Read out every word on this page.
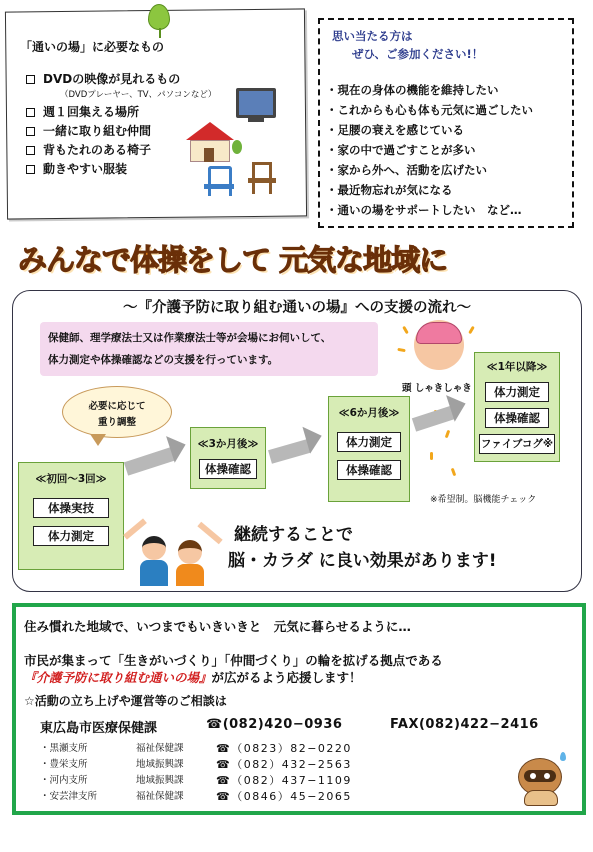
「通いの場」に必要なもの
DVDの映像が見れるもの
（DVDプレーヤー、TV、パソコンなど）
週１回集える場所
一緒に取り組む仲間
背もたれのある椅子
動きやすい服装
思い当たる方は
ぜひ、ご参加ください!！
・現在の身体の機能を維持したい
・これからも心も体も元気に過ごしたい
・足腰の衰えを感じている
・家の中で過ごすことが多い
・家から外へ、活動を広げたい
・最近物忘れが気になる
・通いの場をサポートしたい　など…
みんなで体操をして 元気な地域に
～『介護予防に取り組む通いの場』への支援の流れ～
保健師、理学療法士又は作業療法士等が会場にお伺いして、
体力測定や体操確認などの支援を行っています。
頭 しゃきしゃき
必要に応じて
重り調整
≪初回～3回≫
体操実技
体力測定
≪3か月後≫
体操確認
≪6か月後≫
体力測定
体操確認
≪1年以降≫
体力測定
体操確認
ファイブコグ※
※希望制。脳機能チェック
継続することで
脳・カラダ に良い効果があります!
住み慣れた地域で、いつまでもいきいきと　元気に暮らせるように…
市民が集まって「生きがいづくり」「仲間づくり」の輪を拡げる拠点である
『介護予防に取り組む通いの場』が広がるよう応援します！
☆活動の立ち上げや運営等のご相談は
東広島市医療保健課	☎(082)420−0936	FAX(082)422−2416
・黒瀬支所	福祉保健課	☎（0823）82−0220
・豊栄支所	地域振興課	☎（082）432−2563
・河内支所	地域振興課	☎（082）437−1109
・安芸津支所	福祉保健課	☎（0846）45−2065
